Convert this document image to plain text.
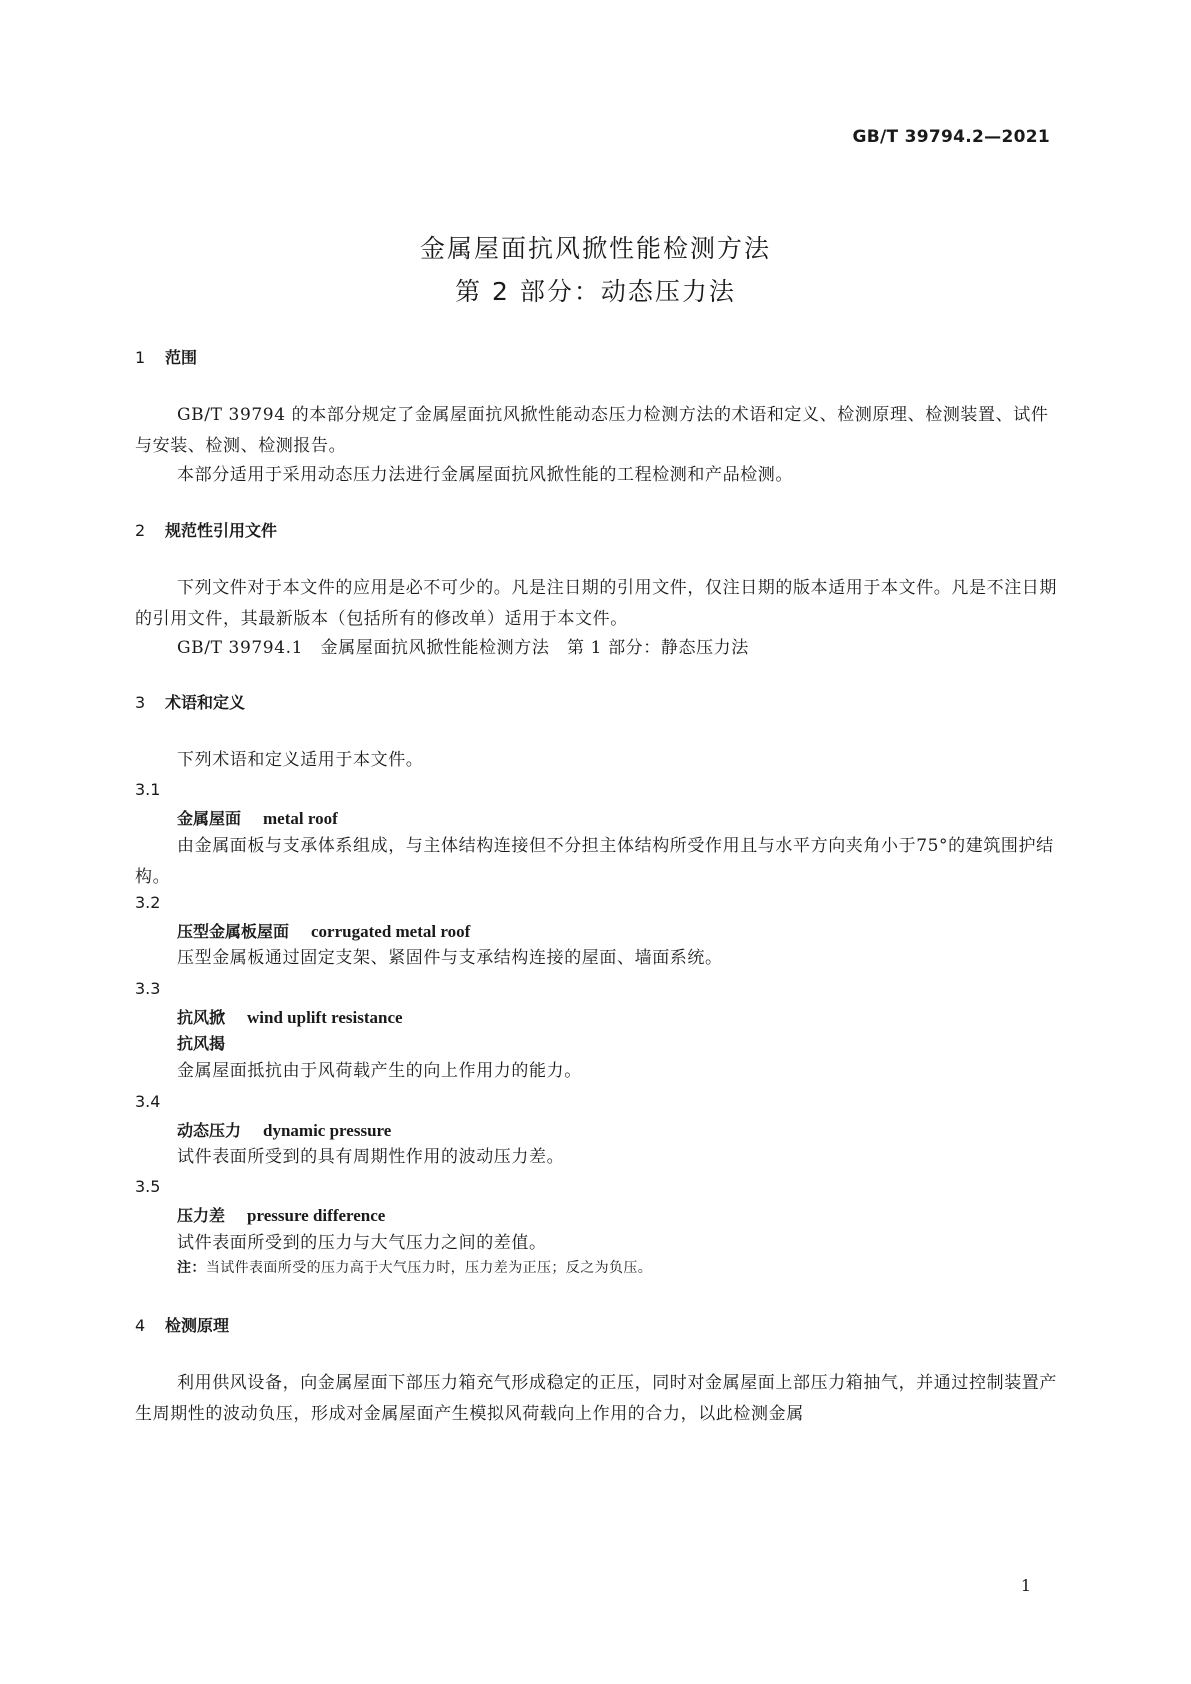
GB/T 39794.2—2021
金属屋面抗风掀性能检测方法
第 2 部分：动态压力法
1 范围
GB/T 39794 的本部分规定了金属屋面抗风掀性能动态压力检测方法的术语和定义、检测原理、检测装置、试件与安装、检测、检测报告。
本部分适用于采用动态压力法进行金属屋面抗风掀性能的工程检测和产品检测。
2 规范性引用文件
下列文件对于本文件的应用是必不可少的。凡是注日期的引用文件，仅注日期的版本适用于本文件。凡是不注日期的引用文件，其最新版本（包括所有的修改单）适用于本文件。
GB/T 39794.1　金属屋面抗风掀性能检测方法　第 1 部分：静态压力法
3 术语和定义
下列术语和定义适用于本文件。
3.1
金属屋面 metal roof
由金属面板与支承体系组成，与主体结构连接但不分担主体结构所受作用且与水平方向夹角小于75°的建筑围护结构。
3.2
压型金属板屋面 corrugated metal roof
压型金属板通过固定支架、紧固件与支承结构连接的屋面、墙面系统。
3.3
抗风掀 wind uplift resistance
抗风揭
金属屋面抵抗由于风荷载产生的向上作用力的能力。
3.4
动态压力 dynamic pressure
试件表面所受到的具有周期性作用的波动压力差。
3.5
压力差 pressure difference
试件表面所受到的压力与大气压力之间的差值。
注：当试件表面所受的压力高于大气压力时，压力差为正压；反之为负压。
4 检测原理
利用供风设备，向金属屋面下部压力箱充气形成稳定的正压，同时对金属屋面上部压力箱抽气，并通过控制装置产生周期性的波动负压，形成对金属屋面产生模拟风荷载向上作用的合力，以此检测金属
1
